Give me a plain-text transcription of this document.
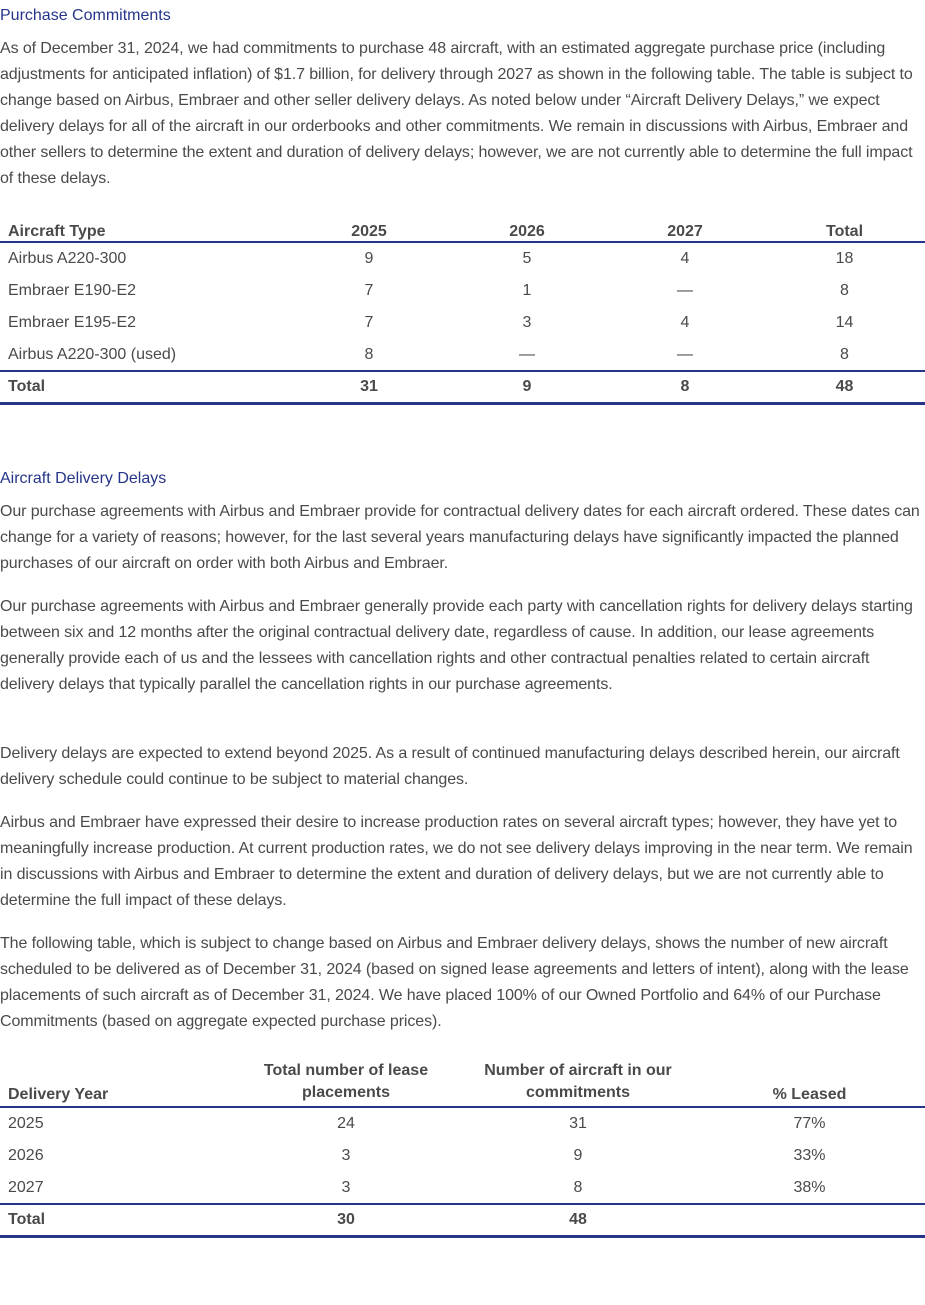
Purchase Commitments

As of December 31, 2024, we had commitments to purchase 48 aircraft, with an estimated aggregate purchase price (including adjustments for anticipated inflation) of $1.7 billion, for delivery through 2027 as shown in the following table. The table is subject to change based on Airbus, Embraer and other seller delivery delays. As noted below under “Aircraft Delivery Delays,” we expect delivery delays for all of the aircraft in our orderbooks and other commitments. We remain in discussions with Airbus, Embraer and other sellers to determine the extent and duration of delivery delays; however, we are not currently able to determine the full impact of these delays.

Aircraft Type	2025	2026	2027	Total
Airbus A220-300	9	5	4	18
Embraer E190-E2	7	1	—	8
Embraer E195-E2	7	3	4	14
Airbus A220-300 (used)	8	—	—	8
Total	31	9	8	48
Aircraft Delivery Delays

Our purchase agreements with Airbus and Embraer provide for contractual delivery dates for each aircraft ordered. These dates can change for a variety of reasons; however, for the last several years manufacturing delays have significantly impacted the planned purchases of our aircraft on order with both Airbus and Embraer.

Our purchase agreements with Airbus and Embraer generally provide each party with cancellation rights for delivery delays starting between six and 12 months after the original contractual delivery date, regardless of cause. In addition, our lease agreements generally provide each of us and the lessees with cancellation rights and other contractual penalties related to certain aircraft delivery delays that typically parallel the cancellation rights in our purchase agreements.

Delivery delays are expected to extend beyond 2025. As a result of continued manufacturing delays described herein, our aircraft delivery schedule could continue to be subject to material changes.

Airbus and Embraer have expressed their desire to increase production rates on several aircraft types; however, they have yet to meaningfully increase production. At current production rates, we do not see delivery delays improving in the near term. We remain in discussions with Airbus and Embraer to determine the extent and duration of delivery delays, but we are not currently able to determine the full impact of these delays.

The following table, which is subject to change based on Airbus and Embraer delivery delays, shows the number of new aircraft scheduled to be delivered as of December 31, 2024 (based on signed lease agreements and letters of intent), along with the lease placements of such aircraft as of December 31, 2024. We have placed 100% of our Owned Portfolio and 64% of our Purchase Commitments (based on aggregate expected purchase prices).

Delivery Year	Total number of lease placements	Number of aircraft in our commitments	% Leased
2025	24	31	77%
2026	3	9	33%
2027	3	8	38%
Total	30	48	
